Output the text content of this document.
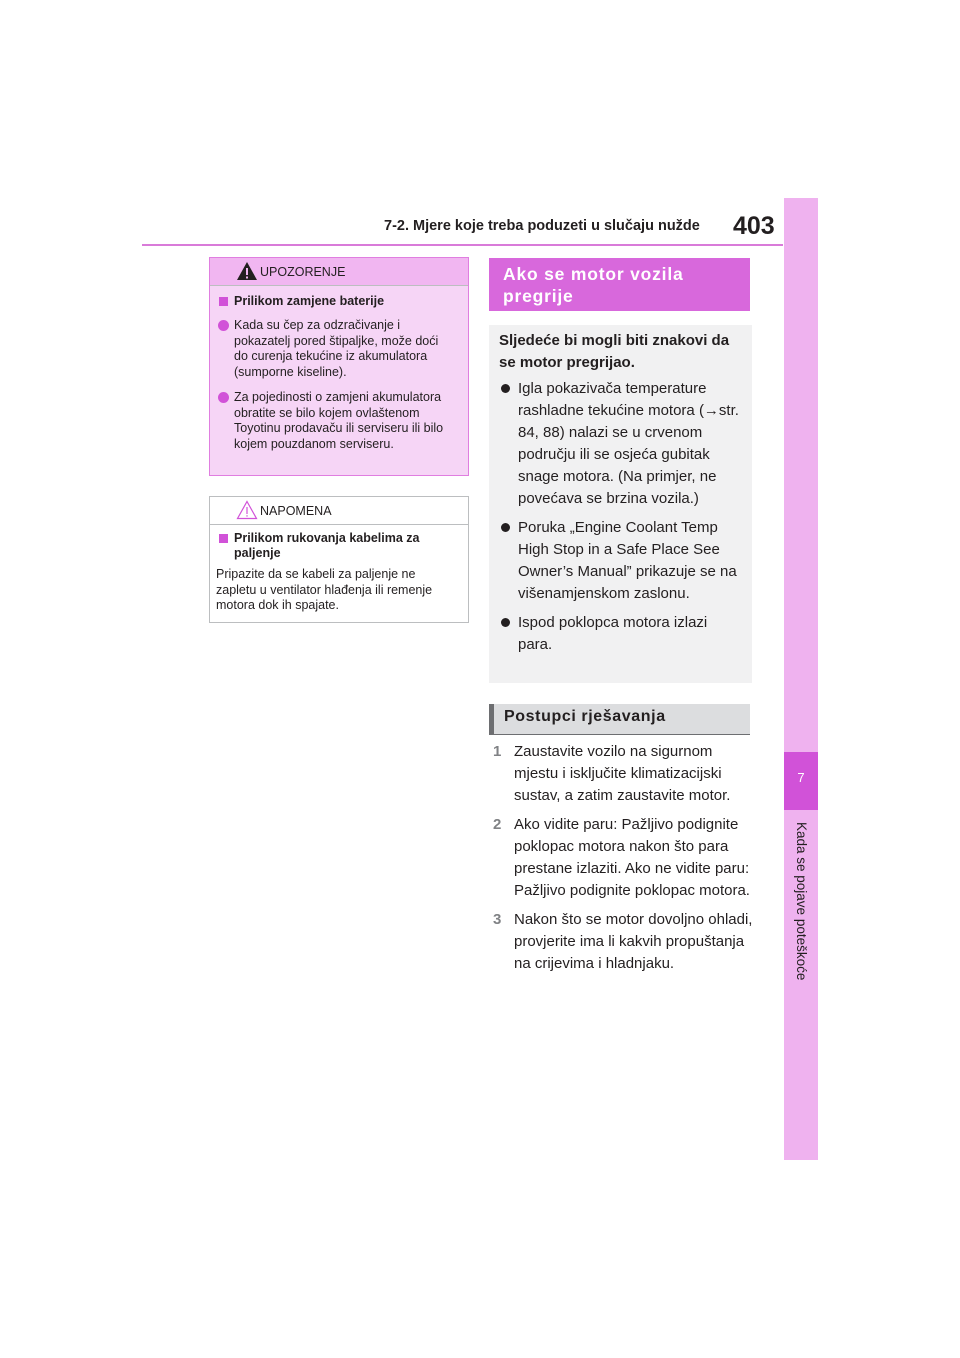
7-2. Mjere koje treba poduzeti u slučaju nužde 403
7
Kada se pojave poteškoće
UPOZORENJE
Prilikom zamjene baterije
Kada su čep za odzračivanje i pokazatelj pored štipaljke, može doći do curenja tekućine iz akumulatora (sumporne kiseline).
Za pojedinosti o zamjeni akumulatora obratite se bilo kojem ovlaštenom Toyotinu prodavaču ili serviseru ili bilo kojem pouzdanom serviseru.
NAPOMENA
Prilikom rukovanja kabelima za paljenje
Pripazite da se kabeli za paljenje ne zapletu u ventilator hlađenja ili remenje motora dok ih spajate.
Ako se motor vozila pregrije
Sljedeće bi mogli biti znakovi da se motor pregrijao.
Igla pokazivača temperature rashladne tekućine motora (→str. 84, 88) nalazi se u crvenom području ili se osjeća gubitak snage motora. (Na primjer, ne povećava se brzina vozila.)
Poruka „Engine Coolant Temp High Stop in a Safe Place See Owner’s Manual” prikazuje se na višenamjenskom zaslonu.
Ispod poklopca motora izlazi para.
Postupci rješavanja
1 Zaustavite vozilo na sigurnom mjestu i isključite klimatizacijski sustav, a zatim zaustavite motor.
2 Ako vidite paru: Pažljivo podignite poklopac motora nakon što para prestane izlaziti. Ako ne vidite paru: Pažljivo podignite poklopac motora.
3 Nakon što se motor dovoljno ohladi, provjerite ima li kakvih propuštanja na crijevima i hladnjaku.
